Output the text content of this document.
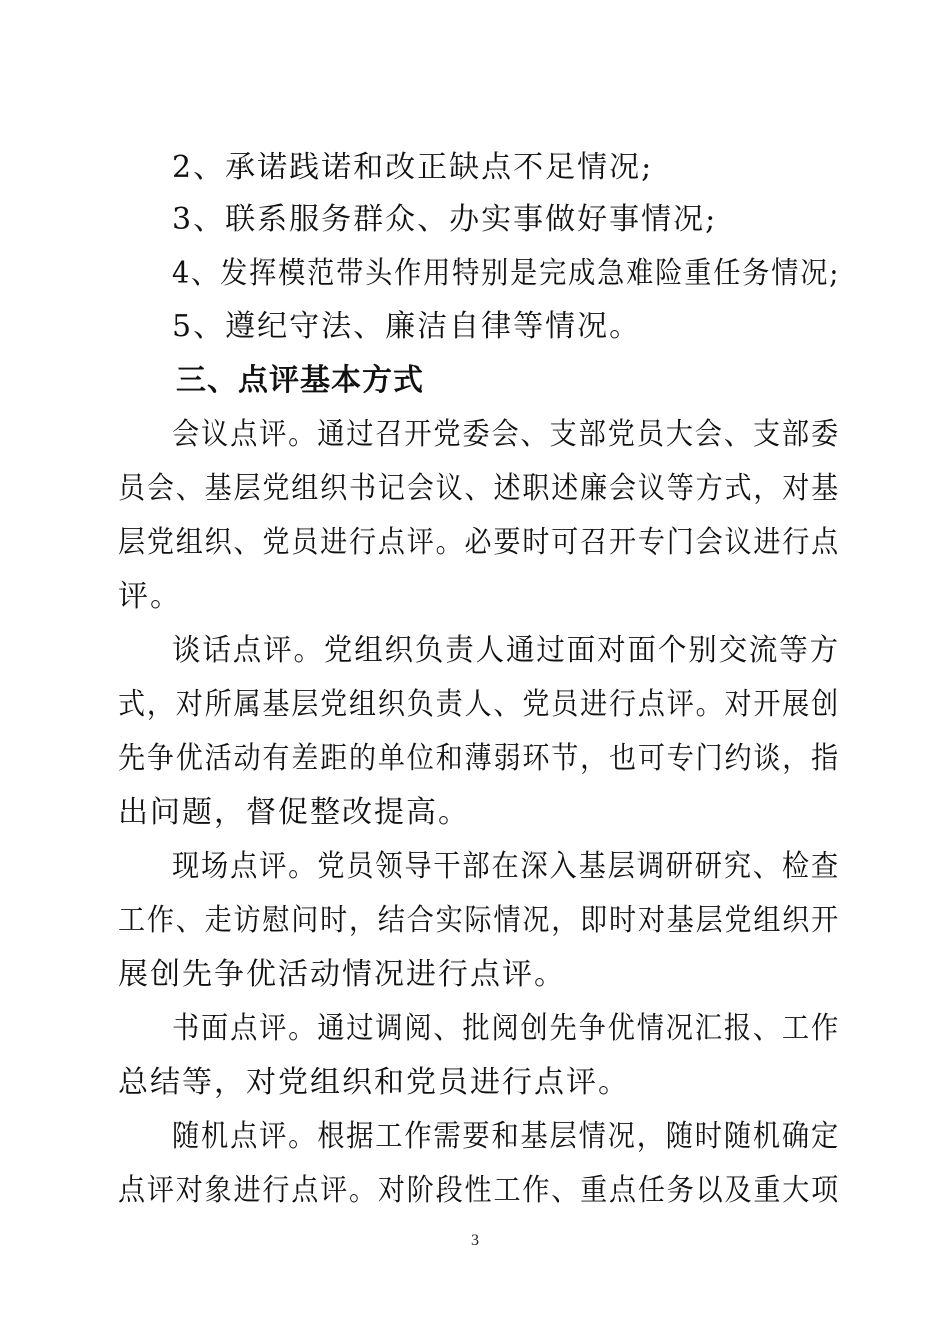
2、承诺践诺和改正缺点不足情况;
3、联系服务群众、办实事做好事情况;
4、发挥模范带头作用特别是完成急难险重任务情况;
5、遵纪守法、廉洁自律等情况。
三、点评基本方式
会议点评。通过召开党委会、支部党员大会、支部委
员会、基层党组织书记会议、述职述廉会议等方式，对基
层党组织、党员进行点评。必要时可召开专门会议进行点
评。
谈话点评。党组织负责人通过面对面个别交流等方
式，对所属基层党组织负责人、党员进行点评。对开展创
先争优活动有差距的单位和薄弱环节，也可专门约谈，指
出问题，督促整改提高。
现场点评。党员领导干部在深入基层调研研究、检查
工作、走访慰问时，结合实际情况，即时对基层党组织开
展创先争优活动情况进行点评。
书面点评。通过调阅、批阅创先争优情况汇报、工作
总结等，对党组织和党员进行点评。
随机点评。根据工作需要和基层情况，随时随机确定
点评对象进行点评。对阶段性工作、重点任务以及重大项
3
